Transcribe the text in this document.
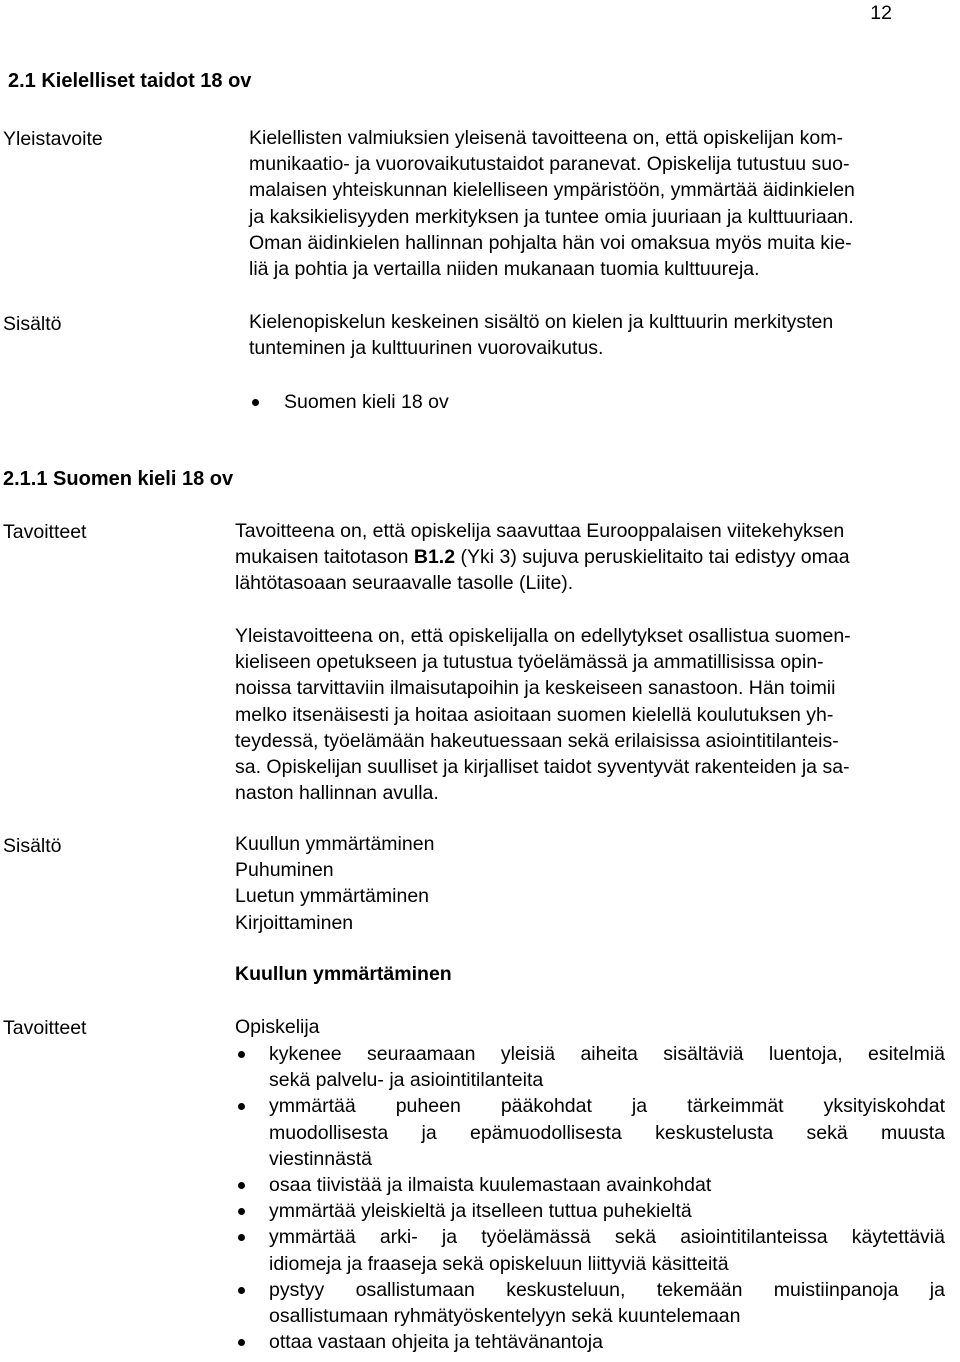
12
2.1 Kielelliset taidot 18 ov
Yleistavoite	Kielellisten valmiuksien yleisenä tavoitteena on, että opiskelijan kom-
munikaatio- ja vuorovaikutustaidot paranevat. Opiskelija tutustuu suo-
malaisen yhteiskunnan kielelliseen ympäristöön, ymmärtää äidinkielen
ja kaksikielisyyden merkityksen ja tuntee omia juuriaan ja kulttuuriaan.
Oman äidinkielen hallinnan pohjalta hän voi omaksua myös muita kie-
liä ja pohtia ja vertailla niiden mukanaan tuomia kulttuureja.
Sisältö	Kielenopiskelun keskeinen sisältö on kielen ja kulttuurin merkitysten
tunteminen ja kulttuurinen vuorovaikutus.
Suomen kieli 18 ov
2.1.1 Suomen kieli 18 ov
Tavoitteet	Tavoitteena on, että opiskelija saavuttaa Eurooppalaisen viitekehyksen
mukaisen taitotason B1.2 (Yki 3) sujuva peruskielitaito tai edistyy omaa
lähtötasoaan seuraavalle tasolle (Liite).
Yleistavoitteena on, että opiskelijalla on edellytykset osallistua suomen-
kieliseen opetukseen ja tutustua työelämässä ja ammatillisissa opin-
noissa tarvittaviin ilmaisutapoihin ja keskeiseen sanastoon. Hän toimii
melko itsenäisesti ja hoitaa asioitaan suomen kielellä koulutuksen yh-
teydessä, työelämään hakeutuessaan sekä erilaisissa asiointitilanteis-
sa. Opiskelijan suulliset ja kirjalliset taidot syventyvät rakenteiden ja sa-
naston hallinnan avulla.
Sisältö	Kuullun ymmärtäminen
Puhuminen
Luetun ymmärtäminen
Kirjoittaminen
Kuullun ymmärtäminen
Tavoitteet	Opiskelija
kykenee seuraamaan yleisiä aiheita sisältäviä luentoja, esitelmiä
sekä palvelu- ja asiointitilanteita
ymmärtää puheen pääkohdat ja tärkeimmät yksityiskohdat
muodollisesta ja epämuodollisesta keskustelusta sekä muusta
viestinnästä
osaa tiivistää ja ilmaista kuulemastaan avainkohdat
ymmärtää yleiskieltä ja itselleen tuttua puhekieltä
ymmärtää arki- ja työelämässä sekä asiointitilanteissa käytettäviä
idiomeja ja fraaseja sekä opiskeluun liittyviä käsitteitä
pystyy osallistumaan keskusteluun, tekemään muistiinpanoja ja
osallistumaan ryhmätyöskentelyyn sekä kuuntelemaan
ottaa vastaan ohjeita ja tehtävänantoja
